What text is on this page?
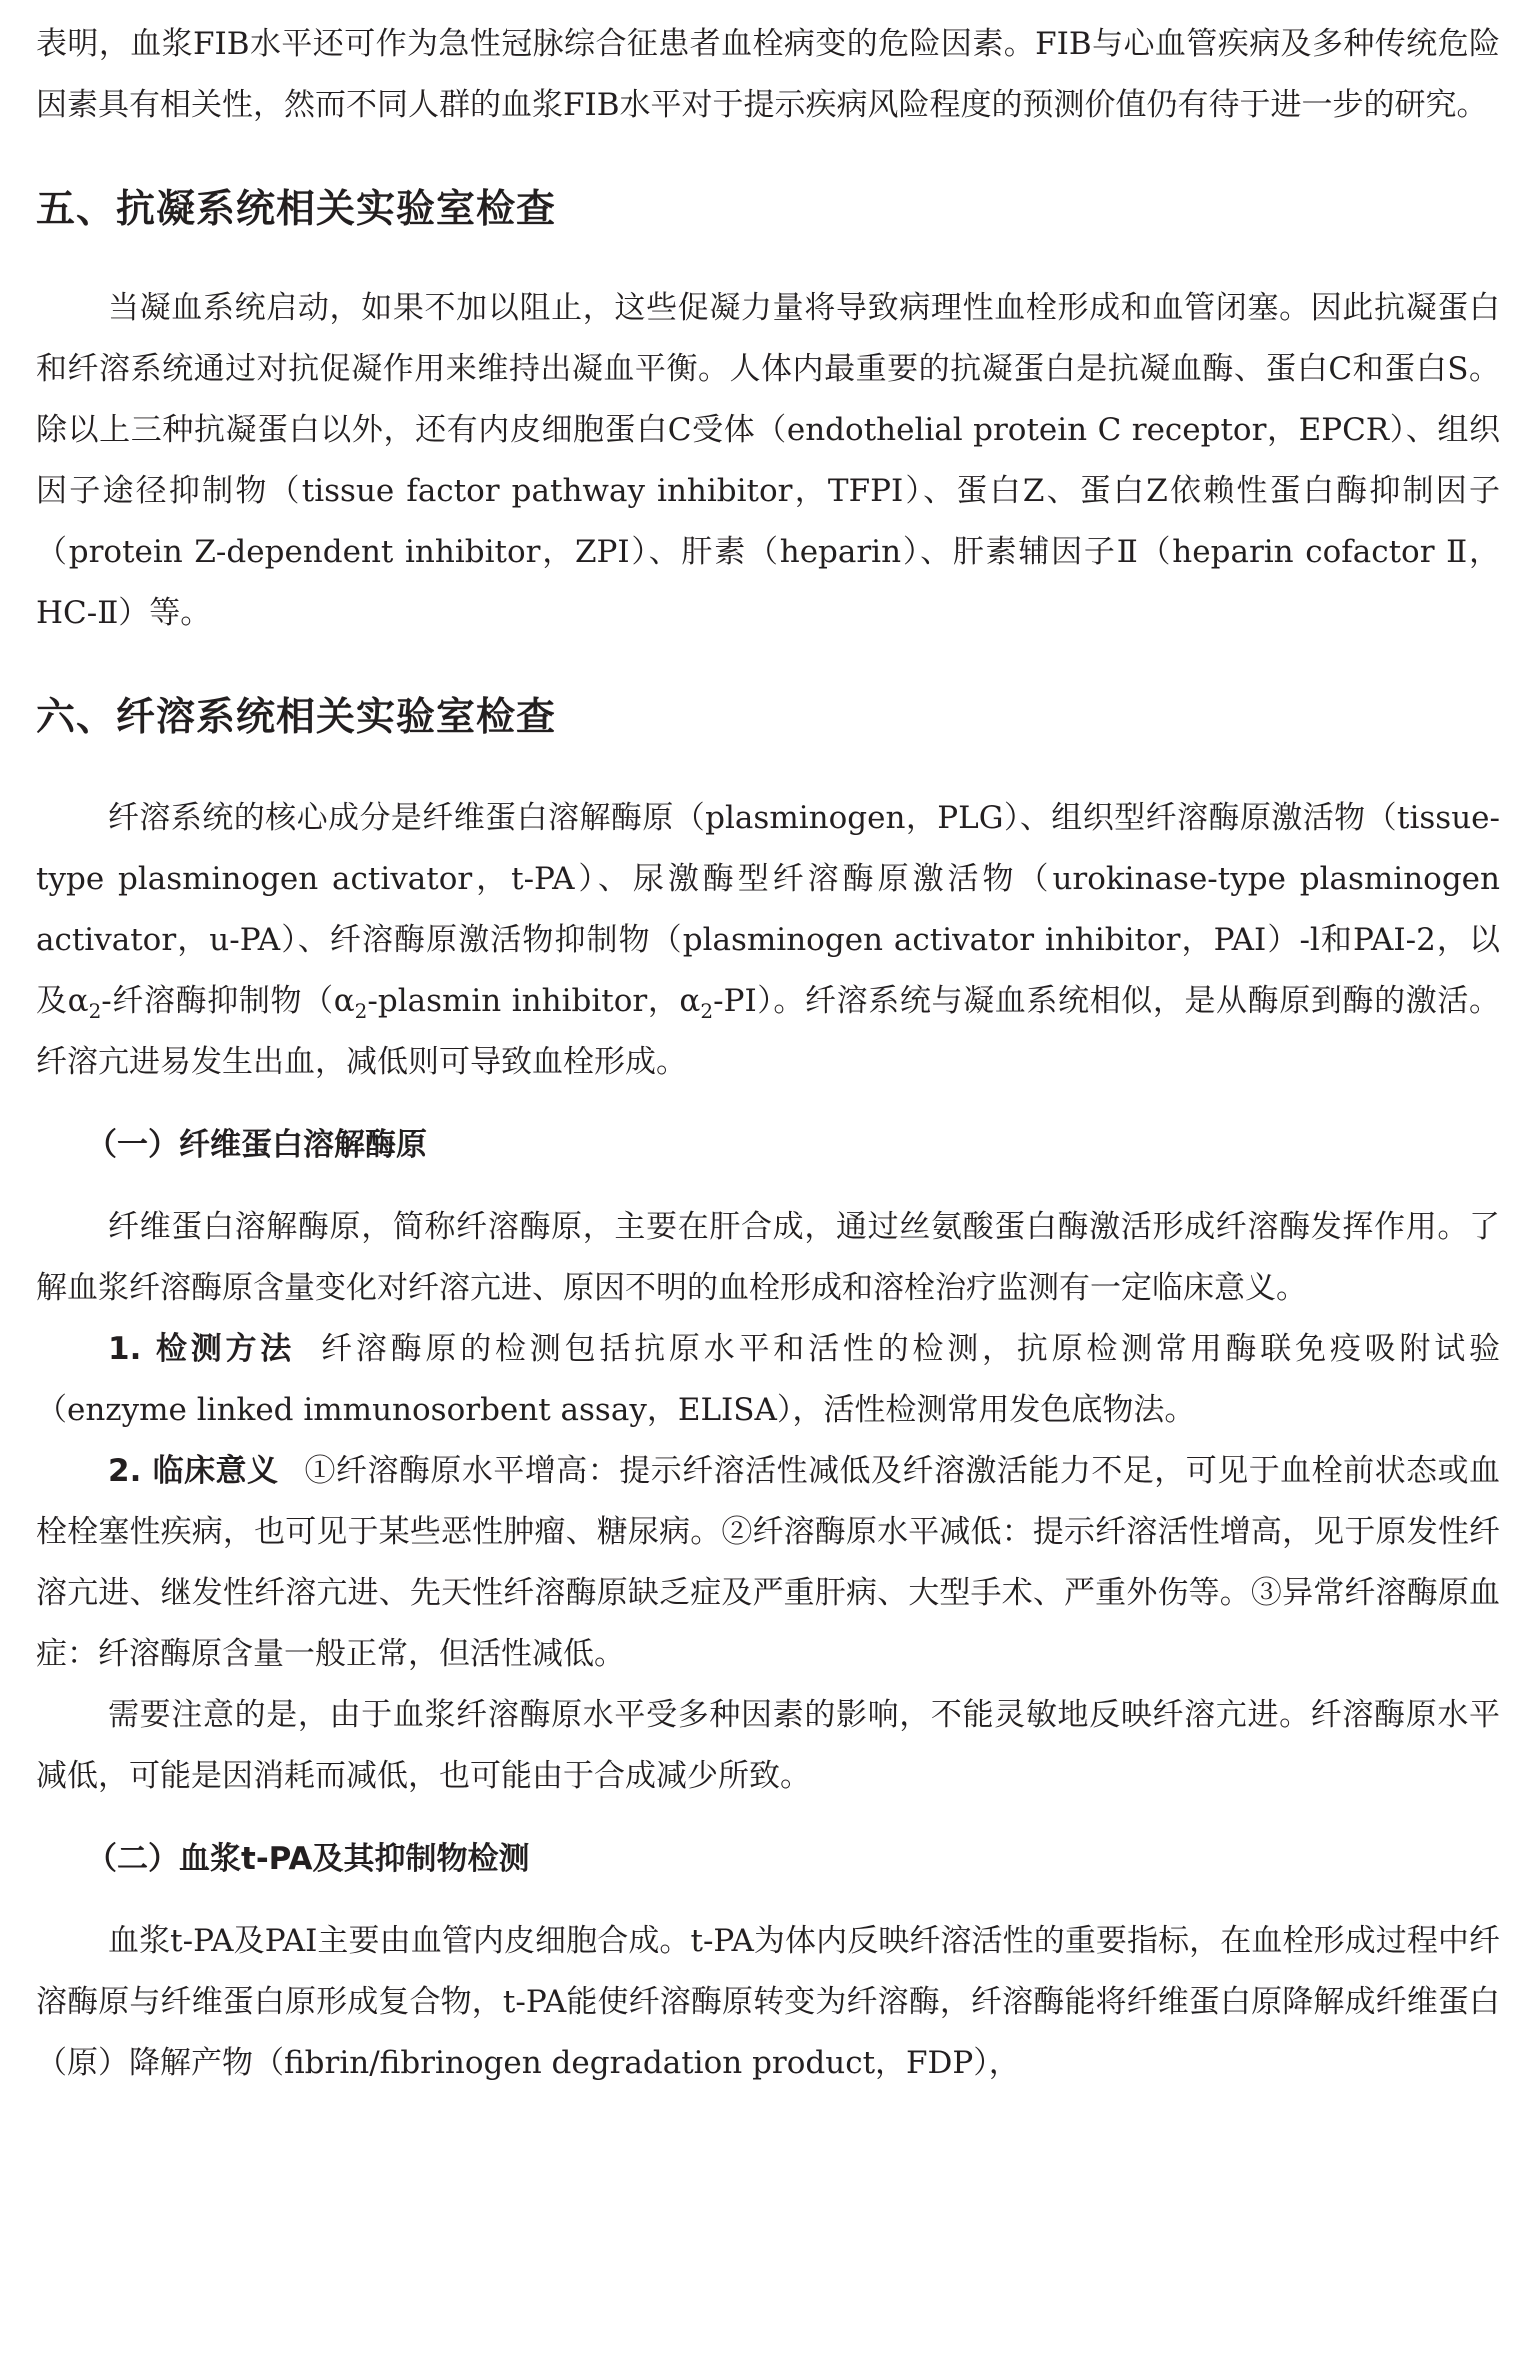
表明，血浆FIB水平还可作为急性冠脉综合征患者血栓病变的危险因素。FIB与心血管疾病及多种传统危险因素具有相关性，然而不同人群的血浆FIB水平对于提示疾病风险程度的预测价值仍有待于进一步的研究。

五、抗凝系统相关实验室检查

当凝血系统启动，如果不加以阻止，这些促凝力量将导致病理性血栓形成和血管闭塞。因此抗凝蛋白和纤溶系统通过对抗促凝作用来维持出凝血平衡。人体内最重要的抗凝蛋白是抗凝血酶、蛋白C和蛋白S。除以上三种抗凝蛋白以外，还有内皮细胞蛋白C受体（endothelial protein C receptor，EPCR）、组织因子途径抑制物（tissue factor pathway inhibitor，TFPI）、蛋白Z、蛋白Z依赖性蛋白酶抑制因子（protein Z-dependent inhibitor，ZPI）、肝素（heparin）、肝素辅因子Ⅱ（heparin cofactor Ⅱ，HC-Ⅱ）等。

六、纤溶系统相关实验室检查

纤溶系统的核心成分是纤维蛋白溶解酶原（plasminogen，PLG）、组织型纤溶酶原激活物（tissue-type plasminogen activator，t-PA）、尿激酶型纤溶酶原激活物（urokinase-type plasminogen activator，u-PA）、纤溶酶原激活物抑制物（plasminogen activator inhibitor，PAI）-l和PAI-2，以及$\alpha_2-$纤溶酶抑制物（$\alpha_2$-plasmin inhibitor，$\alpha_2-PI$）。纤溶系统与凝血系统相似，是从酶原到酶的激活。纤溶亢进易发生出血，减低则可导致血栓形成。

（一）纤维蛋白溶解酶原

纤维蛋白溶解酶原，简称纤溶酶原，主要在肝合成，通过丝氨酸蛋白酶激活形成纤溶酶发挥作用。了解血浆纤溶酶原含量变化对纤溶亢进、原因不明的血栓形成和溶栓治疗监测有一定临床意义。

1. 检测方法 纤溶酶原的检测包括抗原水平和活性的检测，抗原检测常用酶联免疫吸附试验（enzyme linked immunosorbent assay，ELISA），活性检测常用发色底物法。

2. 临床意义 ①纤溶酶原水平增高：提示纤溶活性减低及纤溶激活能力不足，可见于血栓前状态或血栓栓塞性疾病，也可见于某些恶性肿瘤、糖尿病。②纤溶酶原水平减低：提示纤溶活性增高，见于原发性纤溶亢进、继发性纤溶亢进、先天性纤溶酶原缺乏症及严重肝病、大型手术、严重外伤等。③异常纤溶酶原血症：纤溶酶原含量一般正常，但活性减低。

需要注意的是，由于血浆纤溶酶原水平受多种因素的影响，不能灵敏地反映纤溶亢进。纤溶酶原水平减低，可能是因消耗而减低，也可能由于合成减少所致。

（二）血浆t-PA及其抑制物检测

血浆t-PA及PAI主要由血管内皮细胞合成。t-PA为体内反映纤溶活性的重要指标，在血栓形成过程中纤溶酶原与纤维蛋白原形成复合物，t-PA能使纤溶酶原转变为纤溶酶，纤溶酶能将纤维蛋白原降解成纤维蛋白（原）降解产物（fibrin/fibrinogen degradation product，FDP），
